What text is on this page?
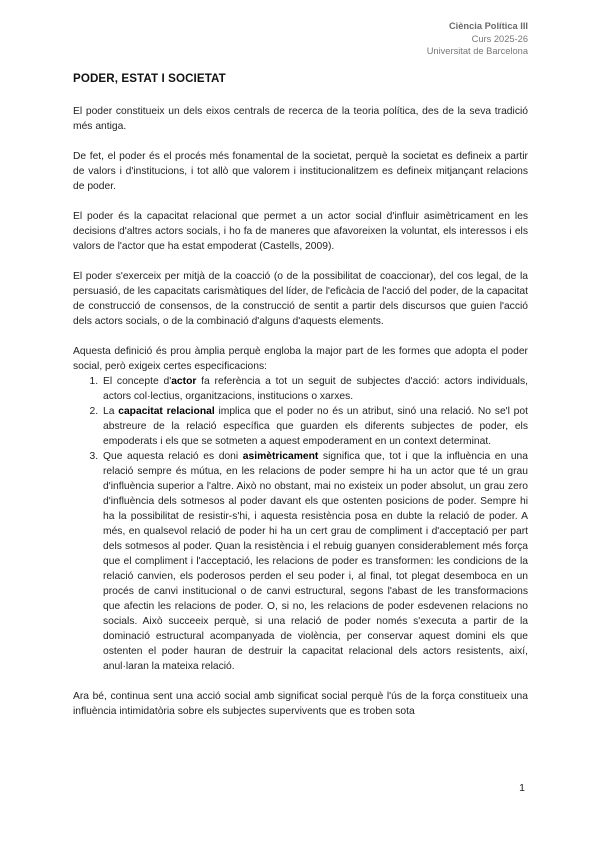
Ciència Política III
Curs 2025-26
Universitat de Barcelona
PODER, ESTAT I SOCIETAT

El poder constitueix un dels eixos centrals de recerca de la teoria política, des de la seva tradició més antiga.

De fet, el poder és el procés més fonamental de la societat, perquè la societat es defineix a partir de valors i d'institucions, i tot allò que valorem i institucionalitzem es defineix mitjançant relacions de poder.

El poder és la capacitat relacional que permet a un actor social d'influir asimètricament en les decisions d'altres actors socials, i ho fa de maneres que afavoreixen la voluntat, els interessos i els valors de l'actor que ha estat empoderat (Castells, 2009).

El poder s'exerceix per mitjà de la coacció (o de la possibilitat de coaccionar), del cos legal, de la persuasió, de les capacitats carismàtiques del líder, de l'eficàcia de l'acció del poder, de la capacitat de construcció de consensos, de la construcció de sentit a partir dels discursos que guien l'acció dels actors socials, o de la combinació d'alguns d'aquests elements.

Aquesta definició és prou àmplia perquè engloba la major part de les formes que adopta el poder social, però exigeix certes especificacions:

1. El concepte d'actor fa referència a tot un seguit de subjectes d'acció: actors individuals, actors col·lectius, organitzacions, institucions o xarxes.
2. La capacitat relacional implica que el poder no és un atribut, sinó una relació. No se'l pot abstreure de la relació específica que guarden els diferents subjectes de poder, els empoderats i els que se sotmeten a aquest empoderament en un context determinat.
3. Que aquesta relació es doni asimètricament significa que, tot i que la influència en una relació sempre és mútua, en les relacions de poder sempre hi ha un actor que té un grau d'influència superior a l'altre. Això no obstant, mai no existeix un poder absolut, un grau zero d'influència dels sotmesos al poder davant els que ostenten posicions de poder. Sempre hi ha la possibilitat de resistir-s'hi, i aquesta resistència posa en dubte la relació de poder. A més, en qualsevol relació de poder hi ha un cert grau de compliment i d'acceptació per part dels sotmesos al poder. Quan la resistència i el rebuig guanyen considerablement més força que el compliment i l'acceptació, les relacions de poder es transformen: les condicions de la relació canvien, els poderosos perden el seu poder i, al final, tot plegat desemboca en un procés de canvi institucional o de canvi estructural, segons l'abast de les transformacions que afectin les relacions de poder. O, si no, les relacions de poder esdevenen relacions no socials. Això succeeix perquè, si una relació de poder només s'executa a partir de la dominació estructural acompanyada de violència, per conservar aquest domini els que ostenten el poder hauran de destruir la capacitat relacional dels actors resistents, així, anul·laran la mateixa relació.

Ara bé, continua sent una acció social amb significat social perquè l'ús de la força constitueix una influència intimidatòria sobre els subjectes supervivents que es troben sota

1
